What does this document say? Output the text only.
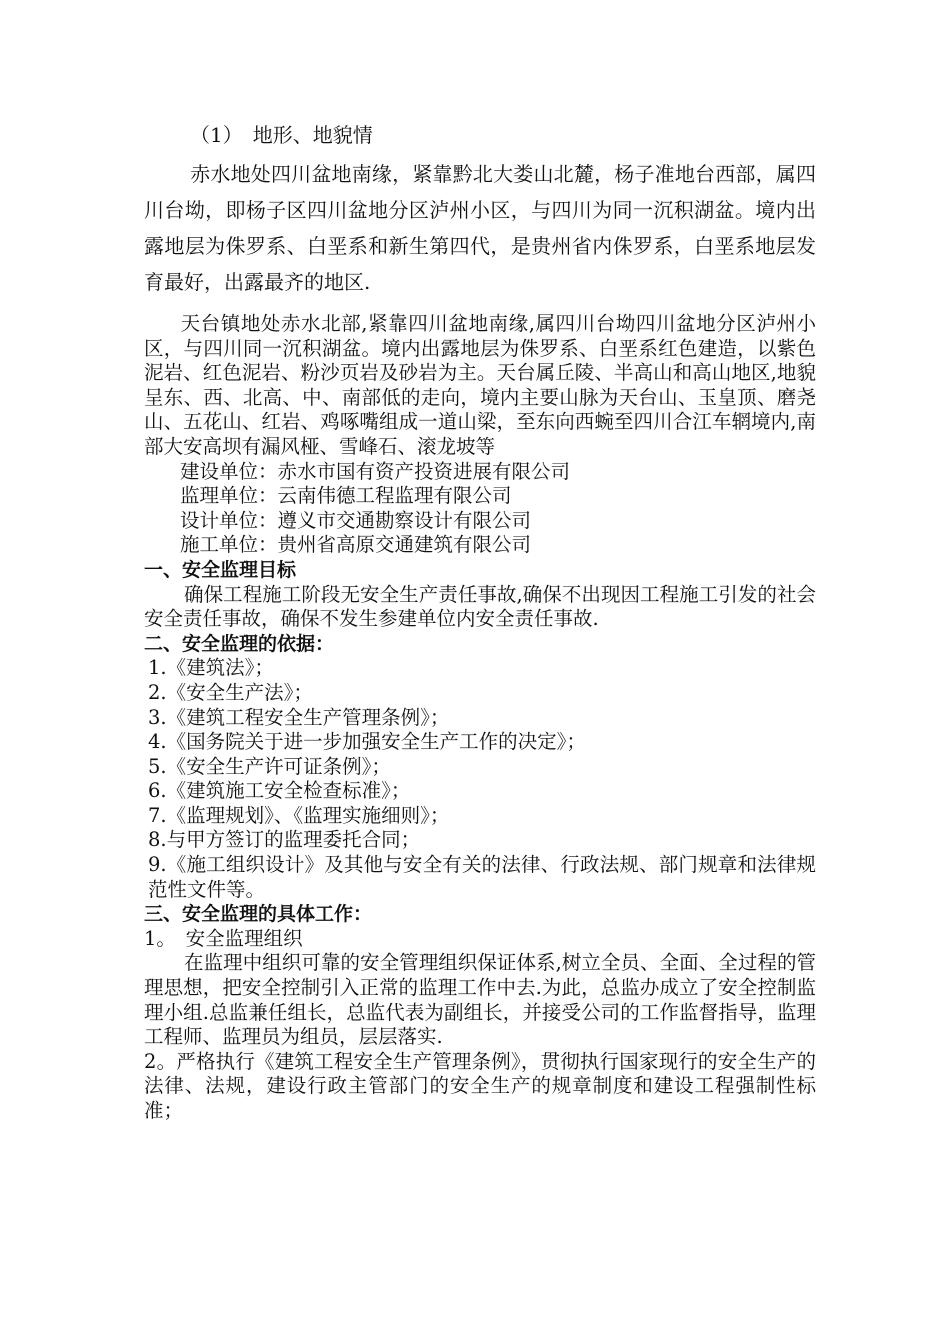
（1）　地形、地貌情

赤水地处四川盆地南缘，紧靠黔北大娄山北麓，杨子准地台西部，属四川台坳，即杨子区四川盆地分区泸州小区，与四川为同一沉积湖盆。境内出露地层为侏罗系、白垩系和新生第四代，是贵州省内侏罗系，白垩系地层发育最好，出露最齐的地区.

天台镇地处赤水北部,紧靠四川盆地南缘,属四川台坳四川盆地分区泸州小区，与四川同一沉积湖盆。境内出露地层为侏罗系、白垩系红色建造，以紫色泥岩、红色泥岩、粉沙页岩及砂岩为主。天台属丘陵、半高山和高山地区,地貌呈东、西、北高、中、南部低的走向，境内主要山脉为天台山、玉皇顶、磨尧山、五花山、红岩、鸡啄嘴组成一道山梁，至东向西蜿至四川合江车辋境内,南部大安高坝有漏风桠、雪峰石、滚龙坡等

建设单位：赤水市国有资产投资进展有限公司
监理单位：云南伟德工程监理有限公司
设计单位：遵义市交通勘察设计有限公司
施工单位：贵州省高原交通建筑有限公司
一、安全监理目标

确保工程施工阶段无安全生产责任事故,确保不出现因工程施工引发的社会安全责任事故，确保不发生参建单位内安全责任事故.

二、安全监理的依据：
1.《建筑法》；
2.《安全生产法》；
3.《建筑工程安全生产管理条例》；
4.《国务院关于进一步加强安全生产工作的决定》；
5.《安全生产许可证条例》；
6.《建筑施工安全检查标准》；
7.《监理规划》、《监理实施细则》；
8.与甲方签订的监理委托合同；
9.《施工组织设计》及其他与安全有关的法律、行政法规、部门规章和法律规范性文件等。
三、安全监理的具体工作：
1。　安全监理组织

在监理中组织可靠的安全管理组织保证体系,树立全员、全面、全过程的管理思想，把安全控制引入正常的监理工作中去.为此，总监办成立了安全控制监理小组.总监兼任组长，总监代表为副组长，并接受公司的工作监督指导，监理工程师、监理员为组员，层层落实.

2。严格执行《建筑工程安全生产管理条例》，贯彻执行国家现行的安全生产的法律、法规，建设行政主管部门的安全生产的规章制度和建设工程强制性标准；
